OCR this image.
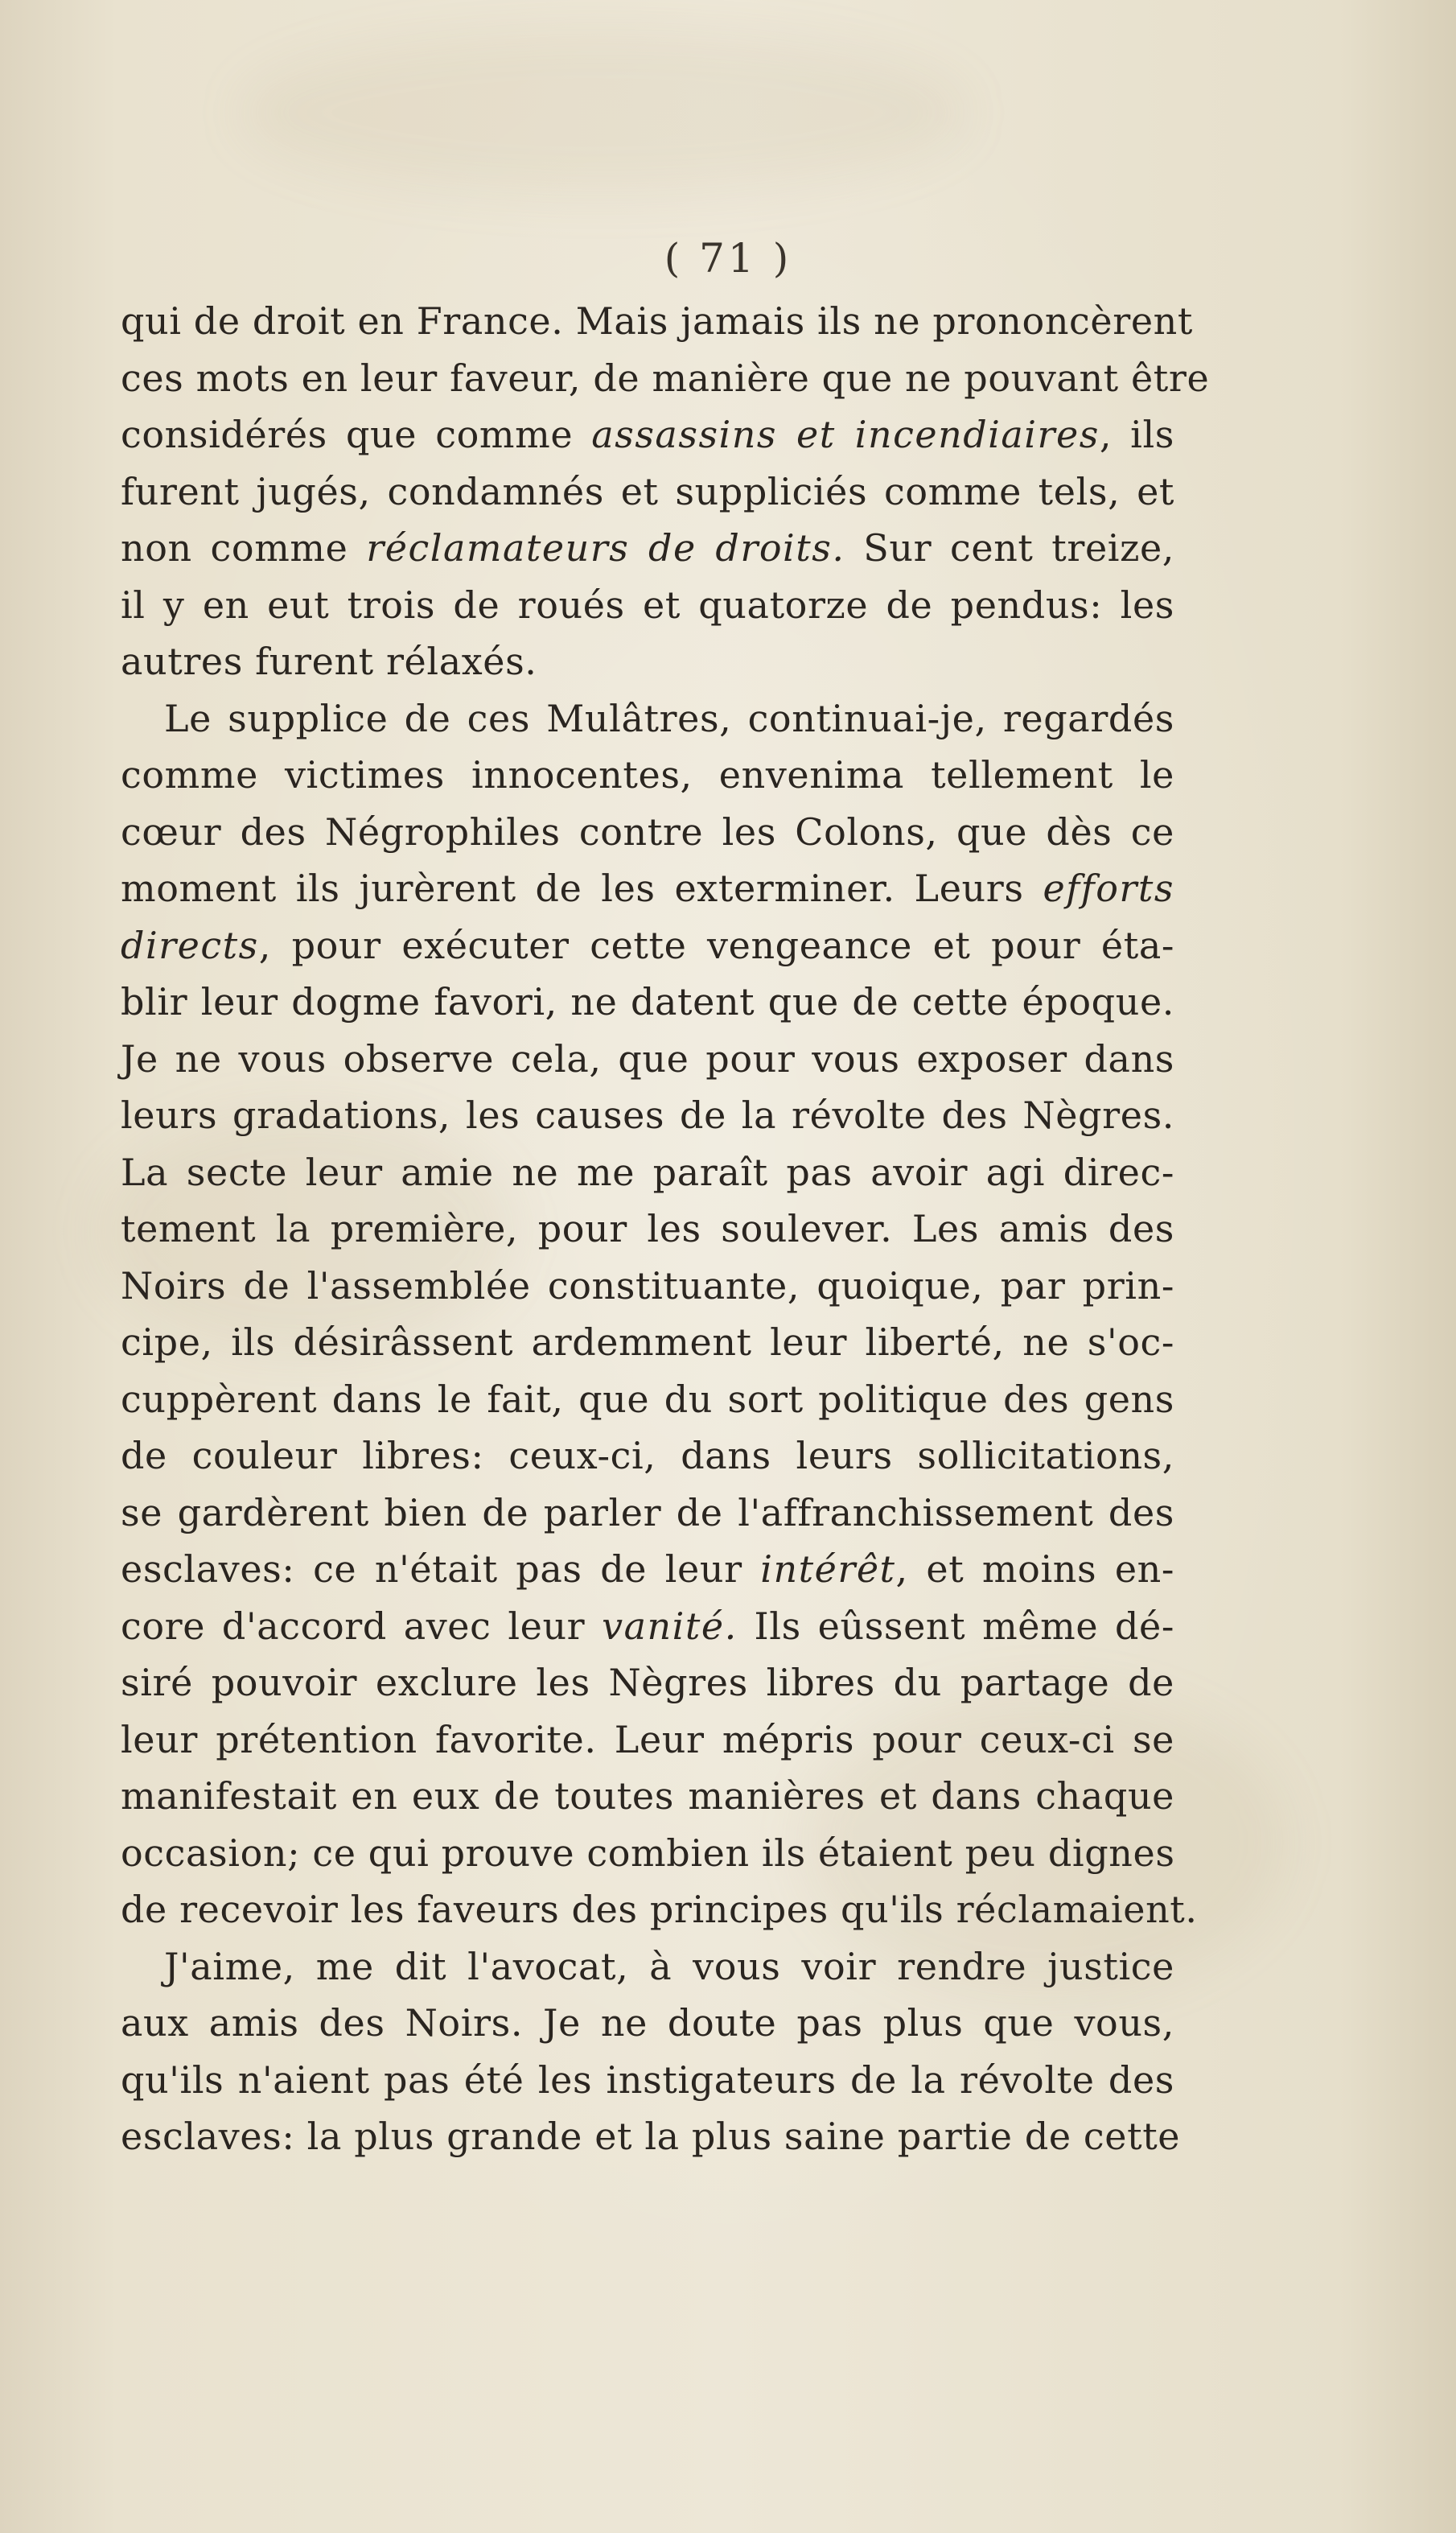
( 71 )
qui de droit en France. Mais jamais ils ne prononcèrent
ces mots en leur faveur, de manière que ne pouvant être
considérés que comme assassins et incendiaires, ils
furent jugés, condamnés et suppliciés comme tels, et
non comme réclamateurs de droits. Sur cent treize,
il y en eut trois de roués et quatorze de pendus: les
autres furent rélaxés.
Le supplice de ces Mulâtres, continuai-je, regardés
comme victimes innocentes, envenima tellement le
cœur des Négrophiles contre les Colons, que dès ce
moment ils jurèrent de les exterminer. Leurs efforts
directs, pour exécuter cette vengeance et pour éta-
blir leur dogme favori, ne datent que de cette époque.
Je ne vous observe cela, que pour vous exposer dans
leurs gradations, les causes de la révolte des Nègres.
La secte leur amie ne me paraît pas avoir agi direc-
tement la première, pour les soulever. Les amis des
Noirs de l'assemblée constituante, quoique, par prin-
cipe, ils désirâssent ardemment leur liberté, ne s'oc-
cuppèrent dans le fait, que du sort politique des gens
de couleur libres: ceux-ci, dans leurs sollicitations,
se gardèrent bien de parler de l'affranchissement des
esclaves: ce n'était pas de leur intérêt, et moins en-
core d'accord avec leur vanité. Ils eûssent même dé-
siré pouvoir exclure les Nègres libres du partage de
leur prétention favorite. Leur mépris pour ceux-ci se
manifestait en eux de toutes manières et dans chaque
occasion; ce qui prouve combien ils étaient peu dignes
de recevoir les faveurs des principes qu'ils réclamaient.
J'aime, me dit l'avocat, à vous voir rendre justice
aux amis des Noirs. Je ne doute pas plus que vous,
qu'ils n'aient pas été les instigateurs de la révolte des
esclaves: la plus grande et la plus saine partie de cette
